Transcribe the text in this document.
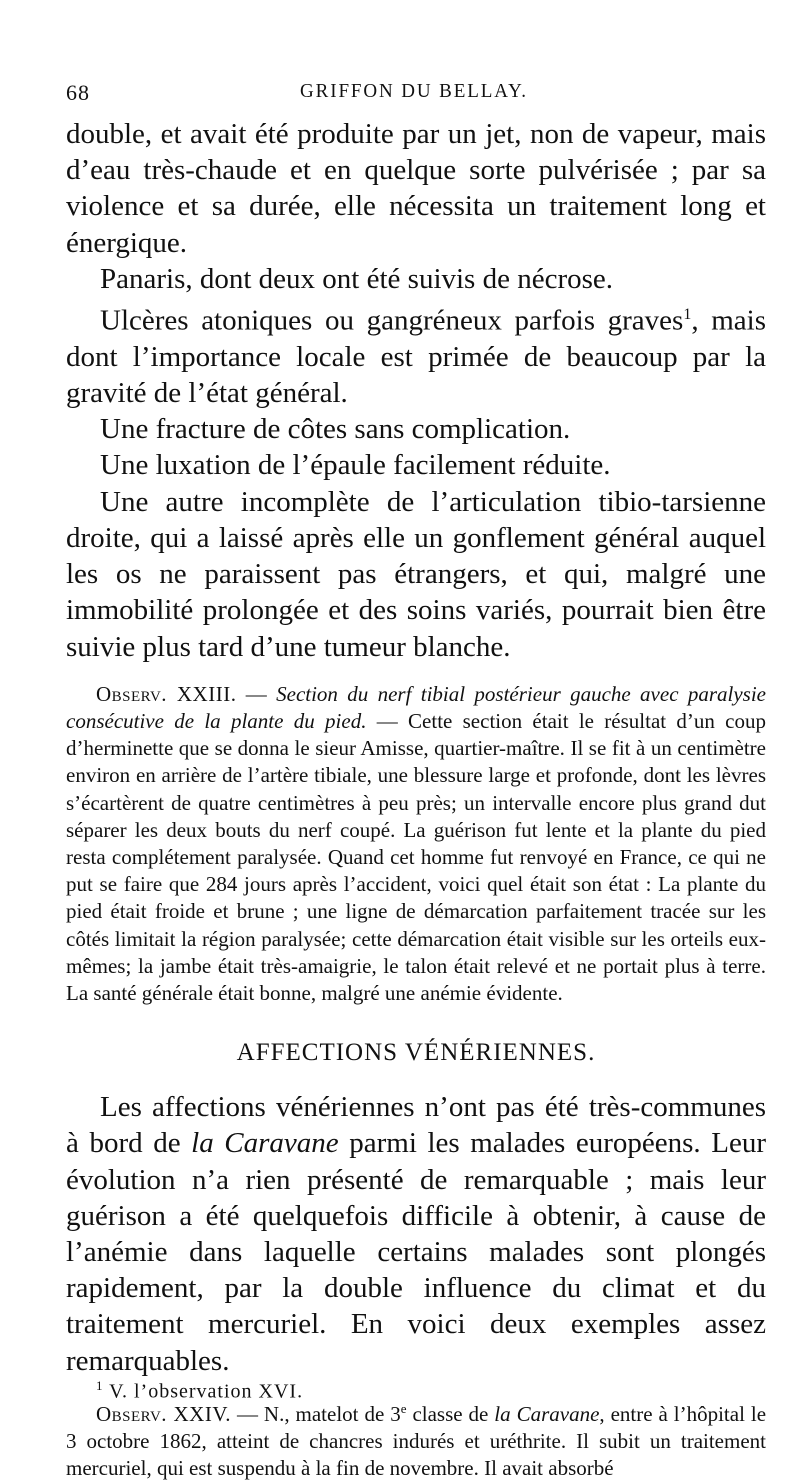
68	GRIFFON DU BELLAY.

double, et avait été produite par un jet, non de vapeur, mais d’eau très-chaude et en quelque sorte pulvérisée ; par sa violence et sa durée, elle nécessita un traitement long et énergique.

Panaris, dont deux ont été suivis de nécrose.

Ulcères atoniques ou gangréneux parfois graves$^1$, mais dont l’importance locale est primée de beaucoup par la gravité de l’état général.

Une fracture de côtes sans complication.

Une luxation de l’épaule facilement réduite.

Une autre incomplète de l’articulation tibio-tarsienne droite, qui a laissé après elle un gonflement général auquel les os ne paraissent pas étrangers, et qui, malgré une immobilité prolongée et des soins variés, pourrait bien être suivie plus tard d’une tumeur blanche.

Observ. XXIII. — Section du nerf tibial postérieur gauche avec paralysie consécutive de la plante du pied. — Cette section était le résultat d’un coup d’herminette que se donna le sieur Amisse, quartier-maître. Il se fit à un centimètre environ en arrière de l’artère tibiale, une blessure large et profonde, dont les lèvres s’écartèrent de quatre centimètres à peu près; un intervalle encore plus grand dut séparer les deux bouts du nerf coupé. La guérison fut lente et la plante du pied resta complétement paralysée. Quand cet homme fut renvoyé en France, ce qui ne put se faire que 284 jours après l’accident, voici quel était son état : La plante du pied était froide et brune ; une ligne de démarcation parfaitement tracée sur les côtés limitait la région paralysée; cette démarcation était visible sur les orteils eux-mêmes; la jambe était très-amaigrie, le talon était relevé et ne portait plus à terre. La santé générale était bonne, malgré une anémie évidente.

AFFECTIONS VÉNÉRIENNES.

Les affections vénériennes n’ont pas été très-communes à bord de la Caravane parmi les malades européens. Leur évolution n’a rien présenté de remarquable ; mais leur guérison a été quelquefois difficile à obtenir, à cause de l’anémie dans laquelle certains malades sont plongés rapidement, par la double influence du climat et du traitement mercuriel. En voici deux exemples assez remarquables.

Observ. XXIV. — N., matelot de 3e classe de la Caravane, entre à l’hôpital le 3 octobre 1862, atteint de chancres indurés et uréthrite. Il subit un traitement mercuriel, qui est suspendu à la fin de novembre. Il avait absorbé

$^1$ V. l’observation XVI.
